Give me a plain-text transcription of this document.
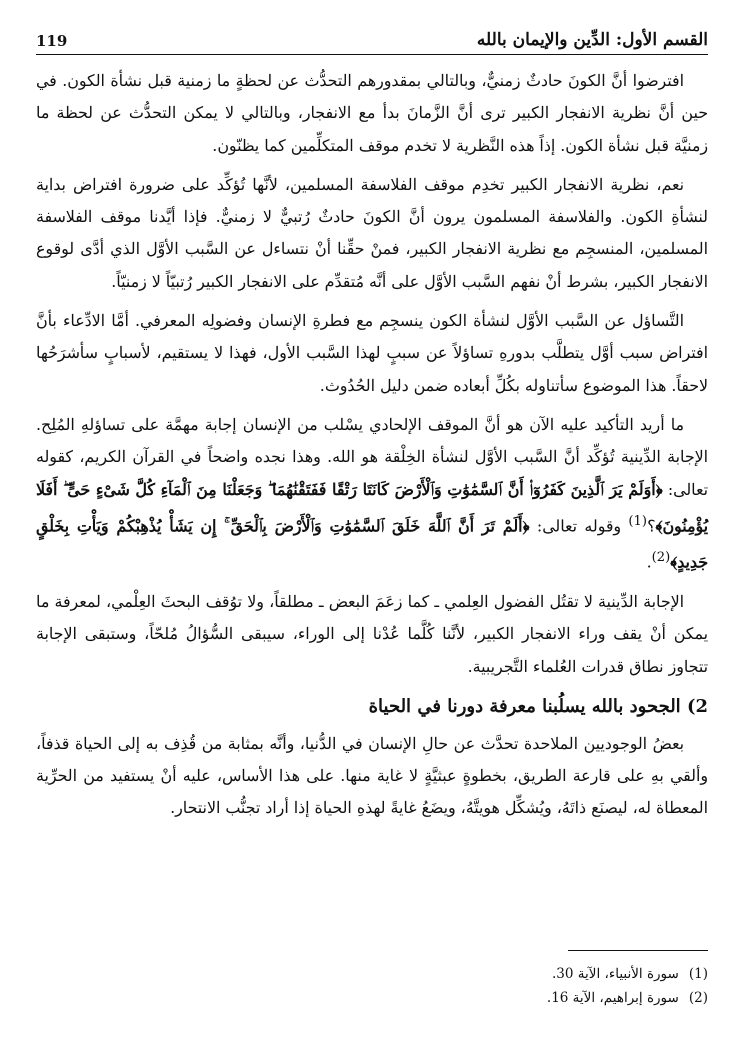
القسم الأول: الدِّين والإيمان بالله
119

افترضوا أنَّ الكونَ حادثٌ زمنيٌّ، وبالتالي بمقدورهم التحدُّث عن لحظةٍ ما زمنية قبل نشأة الكون. في حين أنَّ نظرية الانفجار الكبير ترى أنَّ الزَّمانَ بدأ مع الانفجار، وبالتالي لا يمكن التحدُّث عن لحظة ما زمنيَّة قبل نشأة الكون. إذاً هذه النَّظرية لا تخدم موقف المتكلِّمين كما يظنّون.

نعم، نظرية الانفجار الكبير تخدِم موقف الفلاسفة المسلمين، لأنَّها تُؤكِّد على ضرورة افتراض بداية لنشأةِ الكون. والفلاسفة المسلمون يرون أنَّ الكونَ حادثٌ رُتبيٌّ لا زمنيٌّ. فإذا أيَّدنا موقف الفلاسفة المسلمين، المنسجِم مع نظرية الانفجار الكبير، فمنْ حقِّنا أنْ نتساءل عن السَّبب الأوَّل الذي أدَّى لوقوع الانفجار الكبير، بشرط أنْ نفهم السَّبب الأوَّل على أنَّه مُتقدِّم على الانفجار الكبير رُتبيّاً لا زمنيّاً.

التَّساؤل عن السَّبب الأوَّل لنشأة الكون ينسجِم مع فطرةِ الإنسان وفضولِه المعرفي. أمَّا الادِّعاء بأنَّ افتراض سبب أوَّل يتطلَّب بدورهِ تساؤلاً عن سببٍ لهذا السَّبب الأول، فهذا لا يستقيم، لأسبابٍ سأشرَحُها لاحقاً. هذا الموضوع سأتناوله بكُلِّ أبعاده ضمن دليل الحُدُوث.

ما أريد التأكيد عليه الآن هو أنَّ الموقف الإلحادي يسْلب من الإنسان إجابة مهمَّة على تساؤلهِ المُلِح. الإجابة الدِّينية تُؤكِّد أنَّ السَّبب الأوَّل لنشأة الخِلْقة هو الله. وهذا نجده واضحاً في القرآن الكريم، كقوله تعالى: ﴿أَوَلَمْ يَرَ ٱلَّذِينَ كَفَرُوٓا۟ أَنَّ ٱلسَّمَٰوَٰتِ وَٱلْأَرْضَ كَانَتَا رَتْقًا فَفَتَقْنَٰهُمَا ۖ وَجَعَلْنَا مِنَ ٱلْمَآءِ كُلَّ شَىْءٍ حَىٍّ ۖ أَفَلَا يُؤْمِنُونَ﴾؟$^{(1)}$ وقوله تعالى: ﴿أَلَمْ تَرَ أَنَّ ٱللَّهَ خَلَقَ ٱلسَّمَٰوَٰتِ وَٱلْأَرْضَ بِٱلْحَقِّ ۚ إِن يَشَأْ يُذْهِبْكُمْ وَيَأْتِ بِخَلْقٍ جَدِيدٍ﴾$^{(2)}$.

الإجابة الدِّينية لا تقتُل الفضول العِلمي ـ كما زعَمَ البعض ـ مطلقاً، ولا توُقف البحثَ العِلْمي، لمعرفة ما يمكن أنْ يقف وراء الانفجار الكبير، لأنَّنا كُلَّما عُدْنا إلى الوراء، سيبقى السُّؤالُ مُلحّاً، وستبقى الإجابة تتجاوز نطاق قدرات العُلماء التَّجريبية.

2) الجحود بالله يسلُبنا معرفة دورنا في الحياة

بعضُ الوجوديين الملاحدة تحدَّث عن حالِ الإنسان في الدُّنيا، وأنَّه بمثابة من قُذِف به إلى الحياة قذفاً، وألقي بهِ على قارعة الطريق، بخطوةٍ عبثيَّةٍ لا غاية منها. على هذا الأساس، عليه أنْ يستفيد من الحرِّية المعطاة له، ليصنَع ذاتَهُ، ويُشكِّل هويتَّهُ، ويضَعُ غايةً لهذهِ الحياة إذا أراد تجنُّب الانتحار.

(1)سورة الأنبياء، الآية 30.
(2)سورة إبراهيم، الآية 16.
